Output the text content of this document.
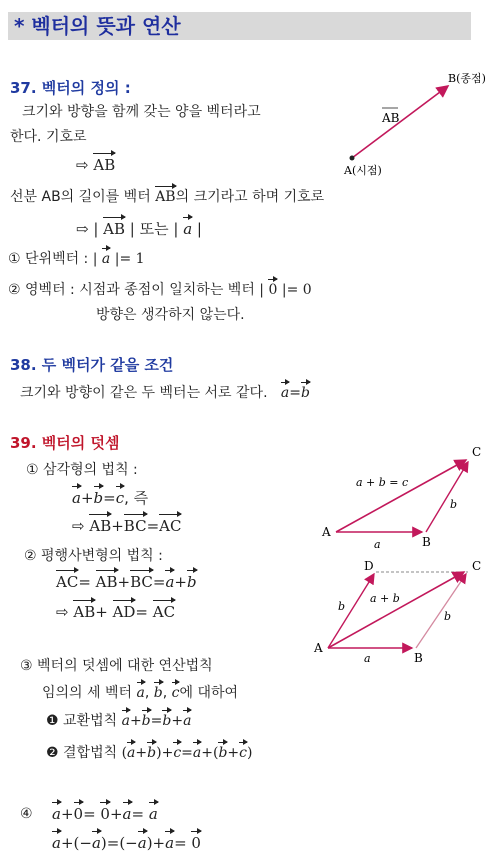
* 벡터의 뜻과 연산
37. 벡터의 정의 :
크기와 방향을 함께 갖는 양을 벡터라고
한다. 기호로
⇨ AB
선분 AB의 길이를 벡터 AB의 크기라고 하며 기호로
⇨ | AB | 또는 | a |
① 단위벡터 : | a |= 1
② 영벡터 : 시점과 종점이 일치하는 벡터 | 0 |= 0
방향은 생각하지 않는다.
B(종점)
A(시점)
AB
38. 두 벡터가 같을 조건
크기와 방향이 같은 두 벡터는 서로 같다. a=b
39. 벡터의 덧셈
① 삼각형의 법칙 :
a+b=c, 즉
⇨ AB+BC=AC
② 평행사변형의 법칙 :
AC= AB+BC=a+b
⇨ AB+ AD= AC
③ 벡터의 덧셈에 대한 연산법칙
임의의 세 벡터 a, b, c에 대하여
❶ 교환법칙 a+b=b+a
❷ 결합법칙 (a+b)+c=a+(b+c)
④ a+0= 0+a= a
a+(−a)=(−a)+a= 0
A
B
C
a + b = c
b
a
A
B
C
D
a + b
b
b
a
